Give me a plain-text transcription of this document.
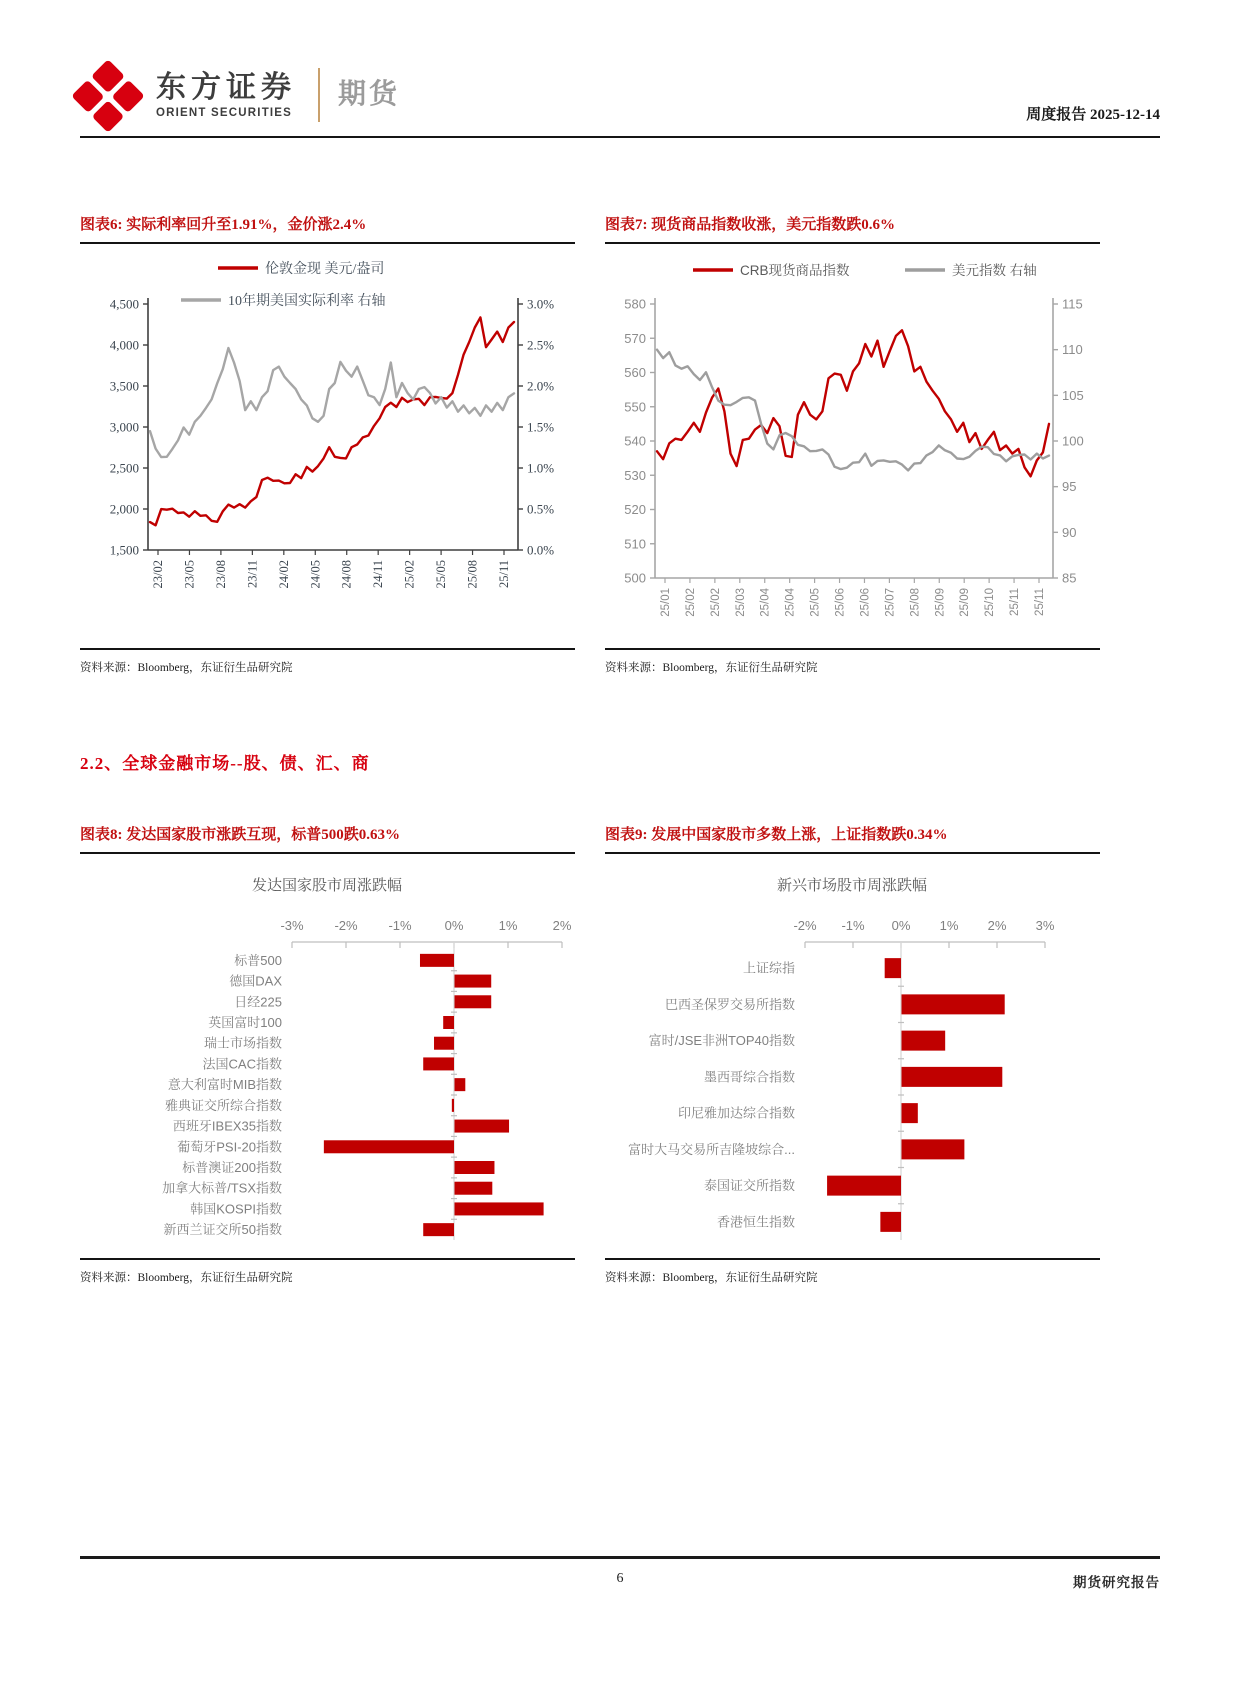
东方证券
ORIENT SECURITIES
期货
周度报告 2025-12-14
图表6: 实际利率回升至1.91%，金价涨2.4%
伦敦金现 美元/盎司
10年期美国实际利率 右轴
4,500
4,000
3,500
3,000
2,500
2,000
1,500
3.0%
2.5%
2.0%
1.5%
1.0%
0.5%
0.0%
23/02 23/05 23/08 23/11 24/02 24/05 24/08 24/11 25/02 25/05 25/08 25/11
资料来源：Bloomberg，东证衍生品研究院
图表7: 现货商品指数收涨，美元指数跌0.6%
CRB现货商品指数	美元指数 右轴
580
570
560
550
540
530
520
510
500
115
110
105
100
95
90
85
25/01 25/02 25/02 25/03 25/04 25/04 25/05 25/06 25/06 25/07 25/08 25/09 25/09 25/10 25/11 25/11
资料来源：Bloomberg，东证衍生品研究院
2.2、全球金融市场--股、债、汇、商
图表8: 发达国家股市涨跌互现，标普500跌0.63%
发达国家股市周涨跌幅
-3% -2% -1%	0%	1%	2%
标普500
德国DAX
日经225
英国富时100
瑞士市场指数
法国CAC指数
意大利富时MIB指数
雅典证交所综合指数
西班牙IBEX35指数
葡萄牙PSI-20指数
标普澳证200指数
加拿大标普/TSX指数
韩国KOSPI指数
新西兰证交所50指数
资料来源：Bloomberg，东证衍生品研究院
图表9: 发展中国家股市多数上涨，上证指数跌0.34%
新兴市场股市周涨跌幅
-2% -1% 0% 1% 2% 3%
上证综指
巴西圣保罗交易所指数
富时/JSE非洲TOP40指数
墨西哥综合指数
印尼雅加达综合指数
富时大马交易所吉隆坡综合...
泰国证交所指数
香港恒生指数
资料来源：Bloomberg，东证衍生品研究院
6	期货研究报告
